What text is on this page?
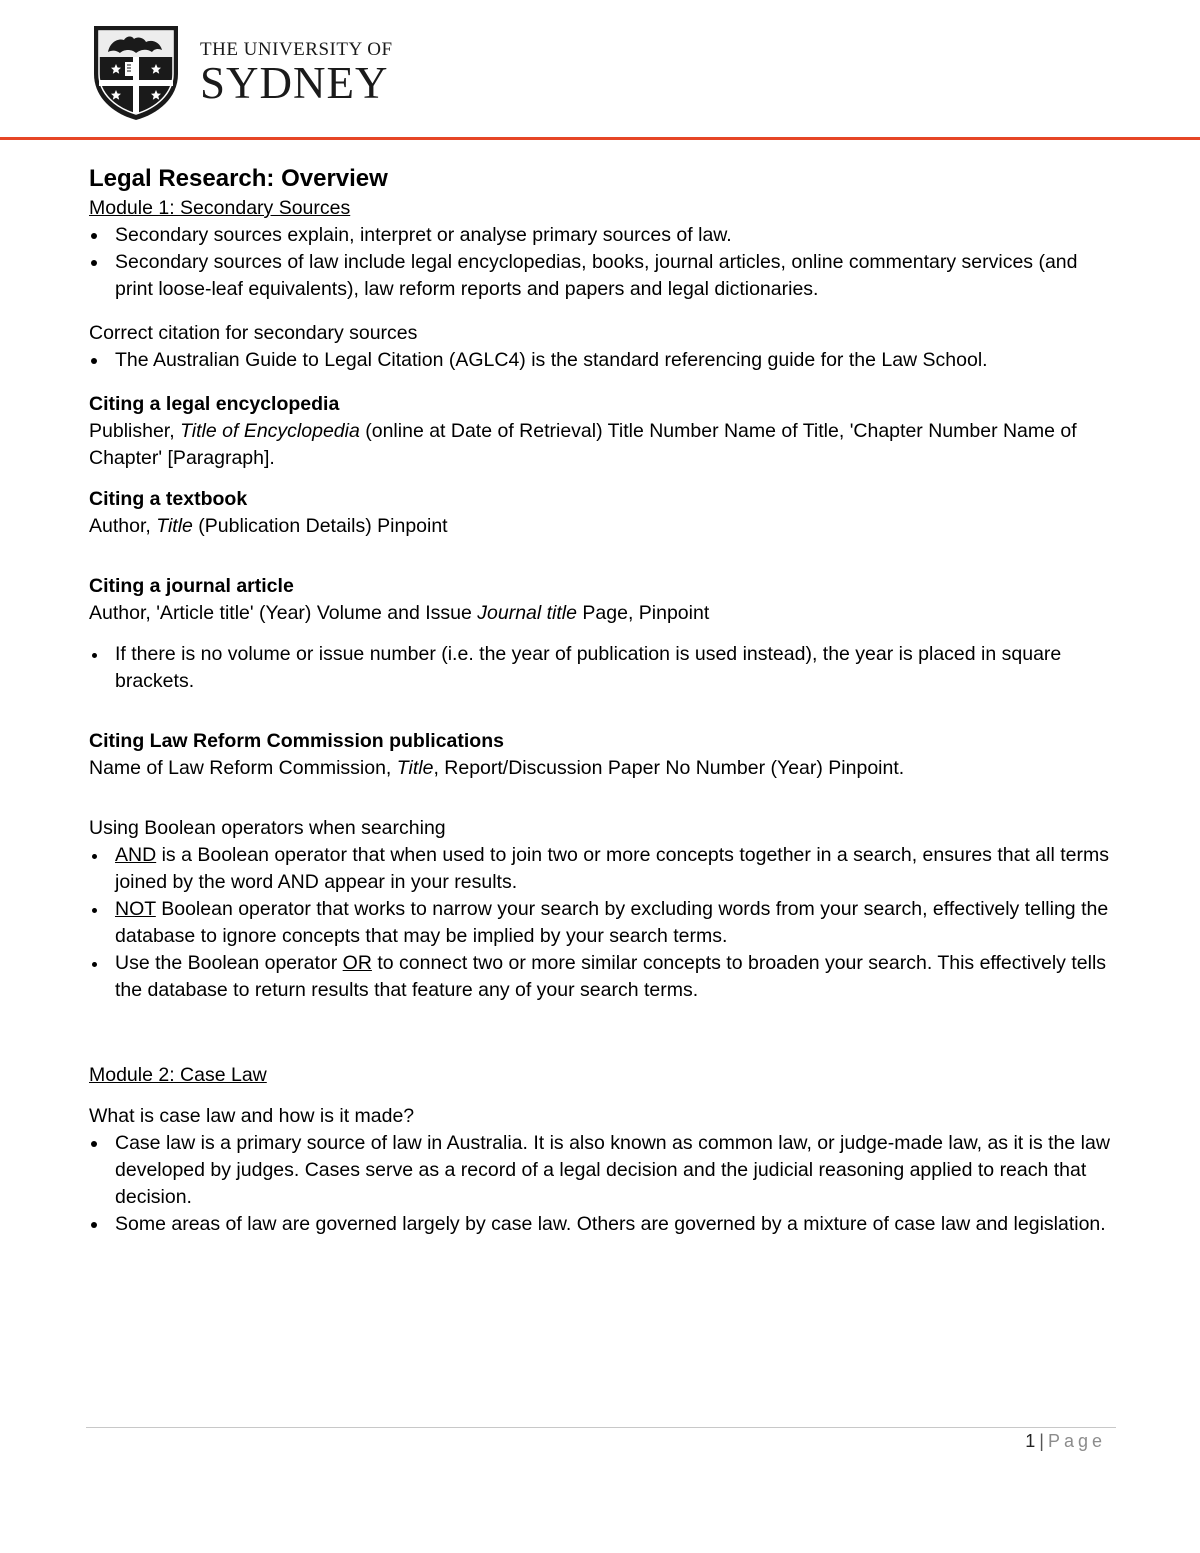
THE UNIVERSITY OF
SYDNEY

Legal Research: Overview

Module 1: Secondary Sources

Secondary sources explain, interpret or analyse primary sources of law.
Secondary sources of law include legal encyclopedias, books, journal articles, online commentary services (and print loose-leaf equivalents), law reform reports and papers and legal dictionaries.

Correct citation for secondary sources

The Australian Guide to Legal Citation (AGLC4) is the standard referencing guide for the Law School.

Citing a legal encyclopedia

Publisher, Title of Encyclopedia (online at Date of Retrieval) Title Number Name of Title, 'Chapter Number Name of Chapter' [Paragraph].

Citing a textbook

Author, Title (Publication Details) Pinpoint

Citing a journal article

Author, 'Article title' (Year) Volume and Issue Journal title Page, Pinpoint

If there is no volume or issue number (i.e. the year of publication is used instead), the year is placed in square brackets.

Citing Law Reform Commission publications

Name of Law Reform Commission, Title, Report/Discussion Paper No Number (Year) Pinpoint.

Using Boolean operators when searching

AND is a Boolean operator that when used to join two or more concepts together in a search, ensures that all terms joined by the word AND appear in your results.
NOT Boolean operator that works to narrow your search by excluding words from your search, effectively telling the database to ignore concepts that may be implied by your search terms.
Use the Boolean operator OR to connect two or more similar concepts to broaden your search. This effectively tells the database to return results that feature any of your search terms.

Module 2: Case Law

What is case law and how is it made?

Case law is a primary source of law in Australia. It is also known as common law, or judge-made law, as it is the law developed by judges. Cases serve as a record of a legal decision and the judicial reasoning applied to reach that decision.
Some areas of law are governed largely by case law. Others are governed by a mixture of case law and legislation.
1 | Page
